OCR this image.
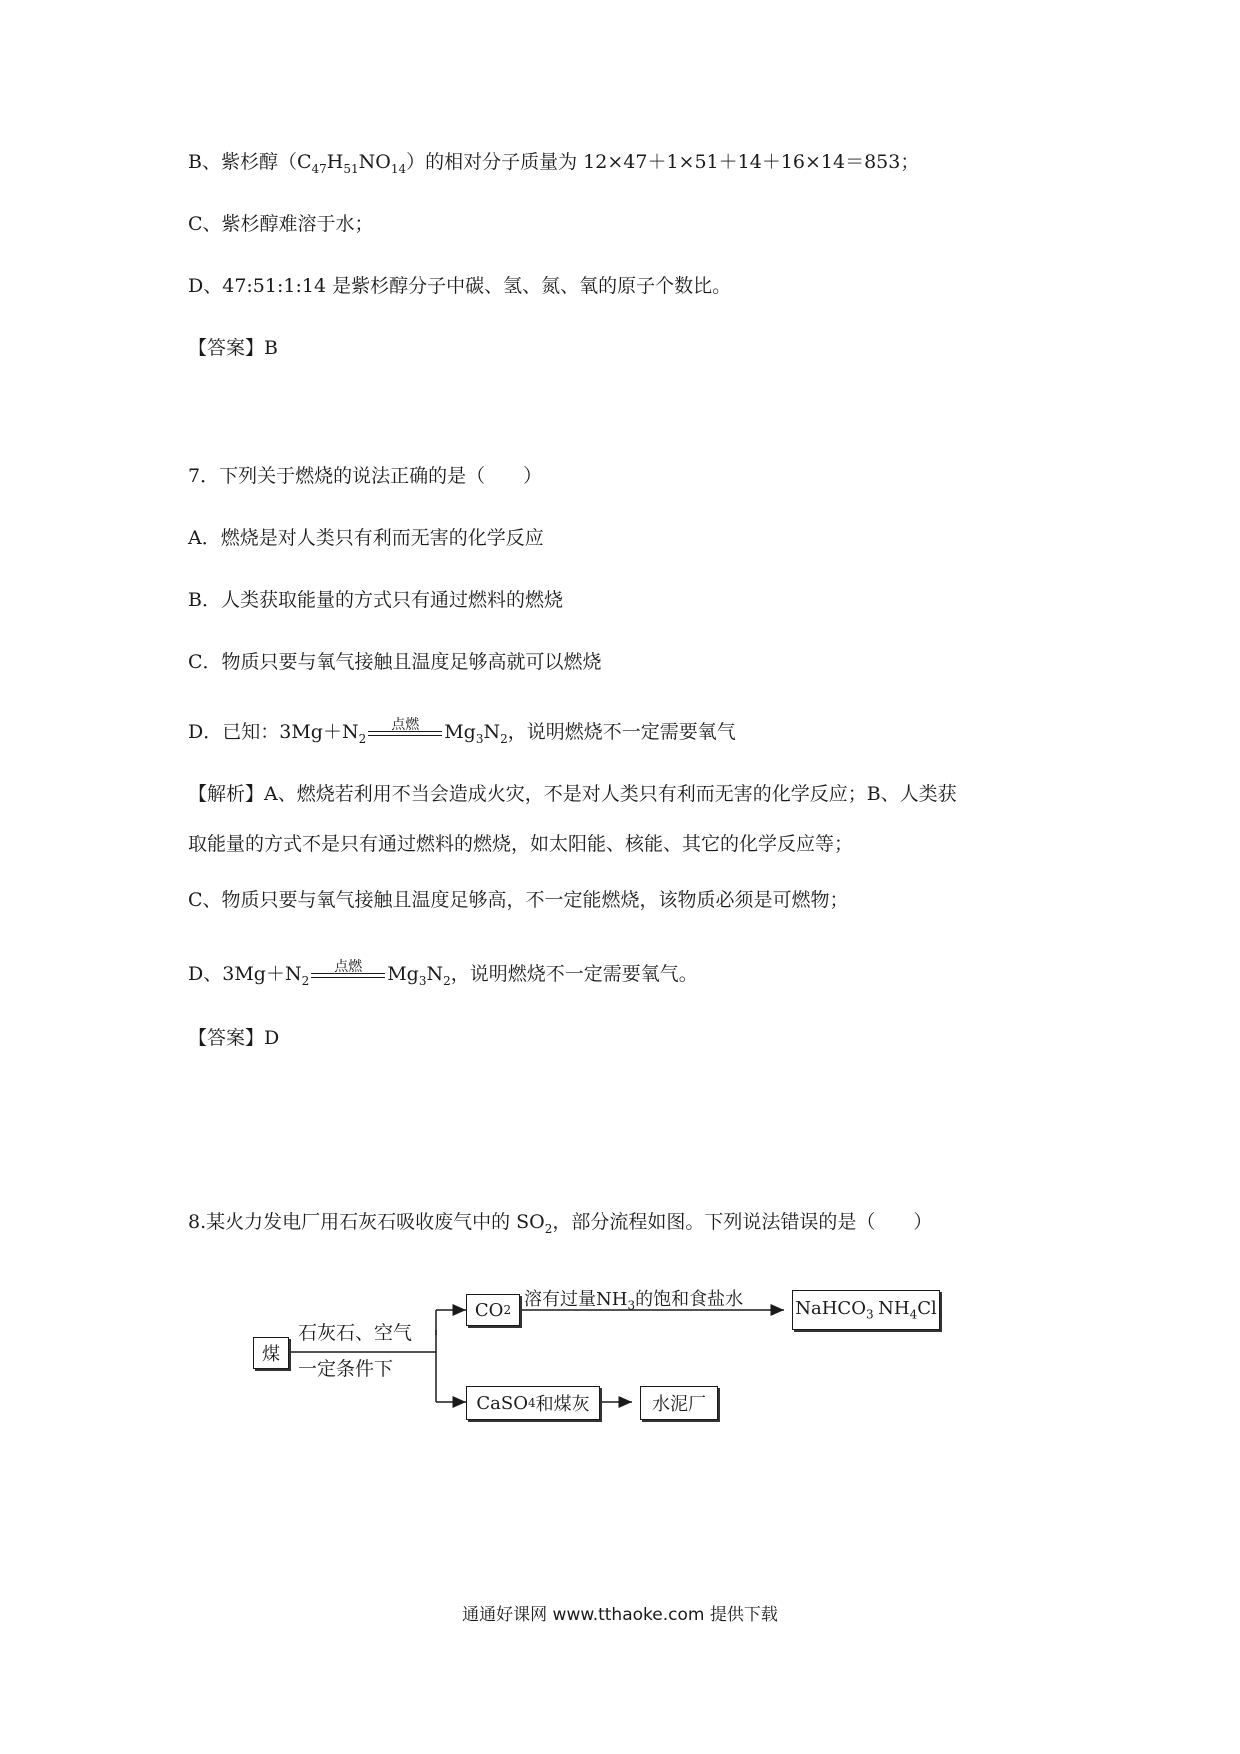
B、紫杉醇$(C_{47}H_{51}NO_{14})$的相对分子质量为 12×47＋1×51＋14＋16×14＝853；
C、紫杉醇难溶于水；
D、47:51:1:14 是紫杉醇分子中碳、氢、氮、氧的原子个数比。
【答案】B
7．下列关于燃烧的说法正确的是（　　）
A．燃烧是对人类只有利而无害的化学反应
B．人类获取能量的方式只有通过燃料的燃烧
C．物质只要与氧气接触且温度足够高就可以燃烧
D．已知：$3Mg+N_2$
点燃	$Mg_3N_2$，说明燃烧不一定需要氧气
【解析】A、燃烧若利用不当会造成火灾，不是对人类只有利而无害的化学反应；B、人类获
取能量的方式不是只有通过燃料的燃烧，如太阳能、核能、其它的化学反应等；
C、物质只要与氧气接触且温度足够高，不一定能燃烧，该物质必须是可燃物；
D、$3Mg+N_2$
点燃	$Mg_3N_2$，说明燃烧不一定需要氧气。
【答案】D
8.某火力发电厂用石灰石吸收废气中的 $SO_2$，部分流程如图。下列说法错误的是（　　）
煤
石灰石、空气
一定条件下
CO 2 溶有过量$NH_3$的饱和食盐水	NaHCO$_3$ $NH_4Cl$
CaSO 4 和煤灰	水泥厂
通通好课网 www.tthaoke.com 提供下载
